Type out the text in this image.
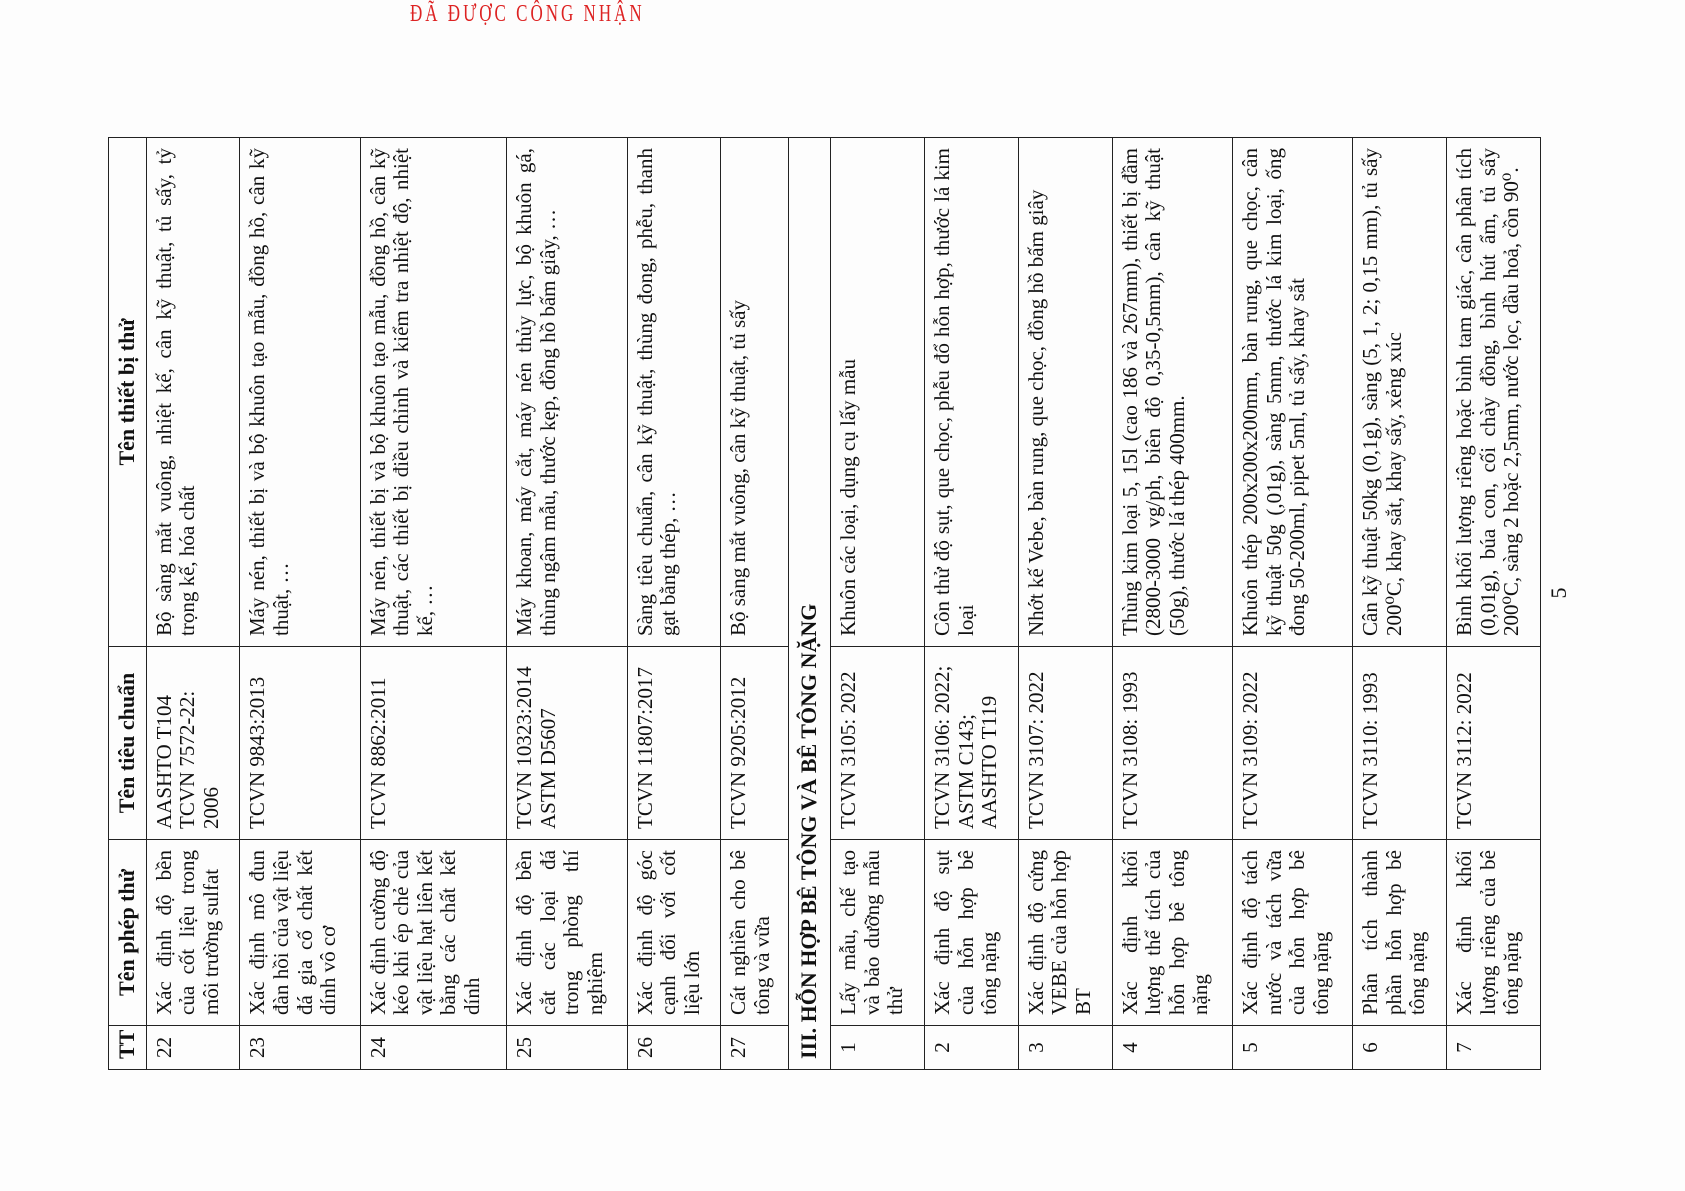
ĐÃ ĐƯỢC CÔNG NHẬN
TT	Tên phép thử	Tên tiêu chuẩn	Tên thiết bị thử
22	Xác định độ bền của cốt liệu trong môi trường sulfat	AASHTO T104 TCVN 7572-22: 2006	Bộ sàng mắt vuông, nhiệt kế, cân kỹ thuật, tủ sấy, tỷ trọng kế, hóa chất
23	Xác định mô đun đàn hồi của vật liệu đá gia cố chất kết dính vô cơ	TCVN 9843:2013	Máy nén, thiết bị và bộ khuôn tạo mẫu, đồng hồ, cân kỹ thuật, …
24	Xác định cường độ kéo khi ép chẻ của vật liệu hạt liên kết bằng các chất kết dính	TCVN 8862:2011	Máy nén, thiết bị và bộ khuôn tạo mẫu, đồng hồ, cân kỹ thuật, các thiết bị điều chỉnh và kiểm tra nhiệt độ, nhiệt kế, …
25	Xác định độ bền cắt các loại đá trong phòng thí nghiệm	TCVN 10323:2014 ASTM D5607	Máy khoan, máy cắt, máy nén thủy lực, bộ khuôn gá, thùng ngâm mẫu, thước kẹp, đồng hồ bấm giây, …
26	Xác định độ góc cạnh đối với cốt liệu lớn	TCVN 11807:2017	Sàng tiêu chuẩn, cân kỹ thuật, thùng đong, phễu, thanh gạt bằng thép, …
27	Cát nghiền cho bê tông và vữa	TCVN 9205:2012	Bộ sàng mắt vuông, cân kỹ thuật, tủ sấy
III. HỖN HỢP BÊ TÔNG VÀ BÊ TÔNG NẶNG			
1	Lấy mẫu, chế tạo và bảo dưỡng mẫu thử	TCVN 3105: 2022	Khuôn các loại, dụng cụ lấy mẫu
2	Xác định độ sụt của hỗn hợp bê tông nặng	TCVN 3106: 2022; ASTM C143; AASHTO T119	Côn thử độ sụt, que chọc, phễu đổ hỗn hợp, thước lá kim loại
3	Xác định độ cứng VEBE của hỗn hợp BT	TCVN 3107: 2022	Nhớt kế Vebe, bàn rung, que chọc, đồng hồ bấm giây
4	Xác định khối lượng thể tích của hỗn hợp bê tông nặng	TCVN 3108: 1993	Thùng kim loại 5, 15l (cao 186 và 267mm), thiết bị đầm (2800-3000 vg/ph, biên độ 0,35-0,5mm), cân kỹ thuật (50g), thước lá thép 400mm.
5	Xác định độ tách nước và tách vữa của hỗn hợp bê tông nặng	TCVN 3109: 2022	Khuôn thép 200x200x200mm, bàn rung, que chọc, cân kỹ thuật 50g (,01g), sàng 5mm, thước lá kim loại, ống đong 50-200ml, pipet 5ml, tủ sấy, khay sắt
6	Phân tích thành phần hỗn hợp bê tông nặng	TCVN 3110: 1993	Cân kỹ thuật 50kg (0,1g), sàng (5, 1, 2; 0,15 mm), tủ sấy 200⁰C, khay sắt, khay sấy, xẻng xúc
7	Xác định khối lượng riêng của bê tông nặng	TCVN 3112: 2022	Bình khối lượng riêng hoặc bình tam giác, cân phân tích (0,01g), búa con, cối chày đồng, bình hút ẩm, tủ sấy 200⁰C, sàng 2 hoặc 2,5mm, nước lọc, dầu hoả, cồn 90⁰. 5
